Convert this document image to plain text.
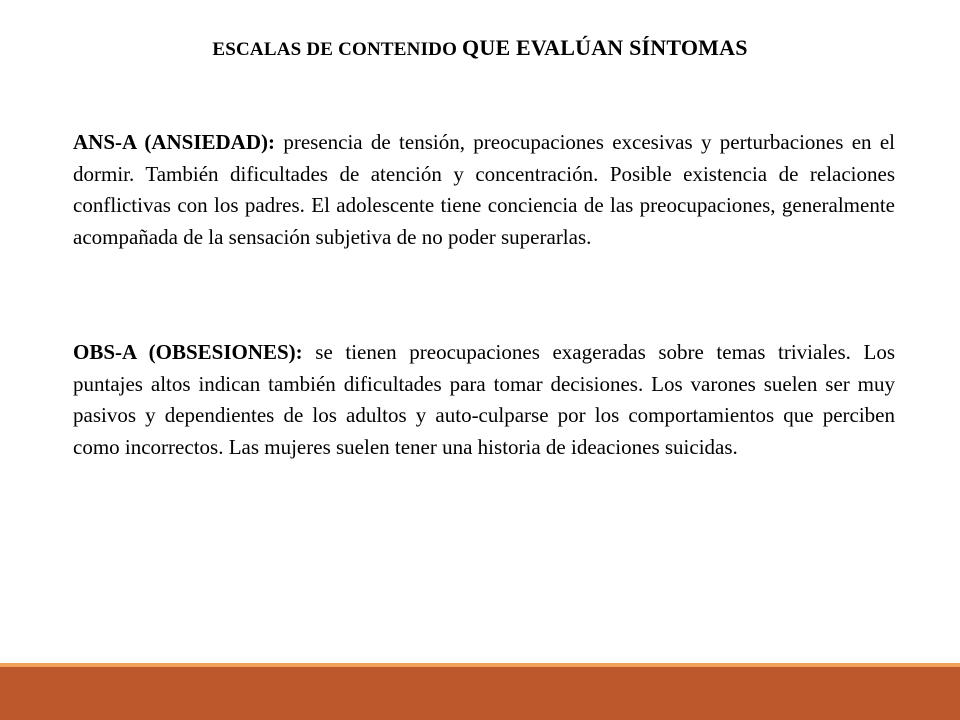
ESCALAS DE CONTENIDO QUE EVALÚAN SÍNTOMAS

ANS-A (ANSIEDAD): presencia de tensión, preocupaciones excesivas y perturbaciones en el dormir. También dificultades de atención y concentración. Posible existencia de relaciones conflictivas con los padres. El adolescente tiene conciencia de las preocupaciones, generalmente acompañada de la sensación subjetiva de no poder superarlas.

OBS-A (OBSESIONES): se tienen preocupaciones exageradas sobre temas triviales. Los puntajes altos indican también dificultades para tomar decisiones. Los varones suelen ser muy pasivos y dependientes de los adultos y auto-culparse por los comportamientos que perciben como incorrectos. Las mujeres suelen tener una historia de ideaciones suicidas.
